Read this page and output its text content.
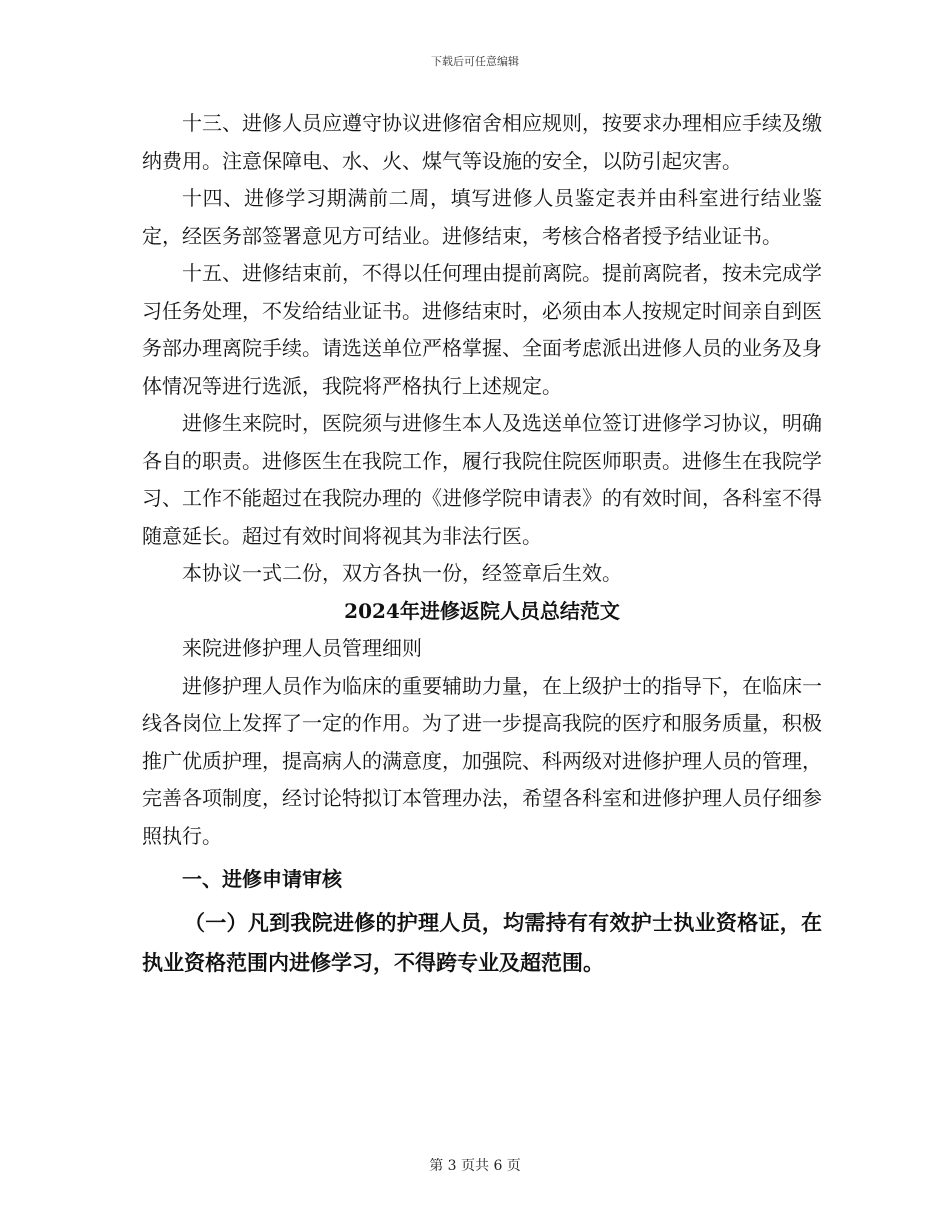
下载后可任意编辑

十三、进修人员应遵守协议进修宿舍相应规则，按要求办理相应手续及缴纳费用。注意保障电、水、火、煤气等设施的安全，以防引起灾害。

十四、进修学习期满前二周，填写进修人员鉴定表并由科室进行结业鉴定，经医务部签署意见方可结业。进修结束，考核合格者授予结业证书。

十五、进修结束前，不得以任何理由提前离院。提前离院者，按未完成学习任务处理，不发给结业证书。进修结束时，必须由本人按规定时间亲自到医务部办理离院手续。请选送单位严格掌握、全面考虑派出进修人员的业务及身体情况等进行选派，我院将严格执行上述规定。

进修生来院时，医院须与进修生本人及选送单位签订进修学习协议，明确各自的职责。进修医生在我院工作，履行我院住院医师职责。进修生在我院学习、工作不能超过在我院办理的《进修学院申请表》的有效时间，各科室不得随意延长。超过有效时间将视其为非法行医。

本协议一式二份，双方各执一份，经签章后生效。

2024年进修返院人员总结范文

来院进修护理人员管理细则

进修护理人员作为临床的重要辅助力量，在上级护士的指导下，在临床一线各岗位上发挥了一定的作用。为了进一步提高我院的医疗和服务质量，积极推广优质护理，提高病人的满意度，加强院、科两级对进修护理人员的管理，完善各项制度，经讨论特拟订本管理办法，希望各科室和进修护理人员仔细参照执行。

一、进修申请审核

（一）凡到我院进修的护理人员，均需持有有效护士执业资格证，在执业资格范围内进修学习，不得跨专业及超范围。

第 3 页共 6 页
